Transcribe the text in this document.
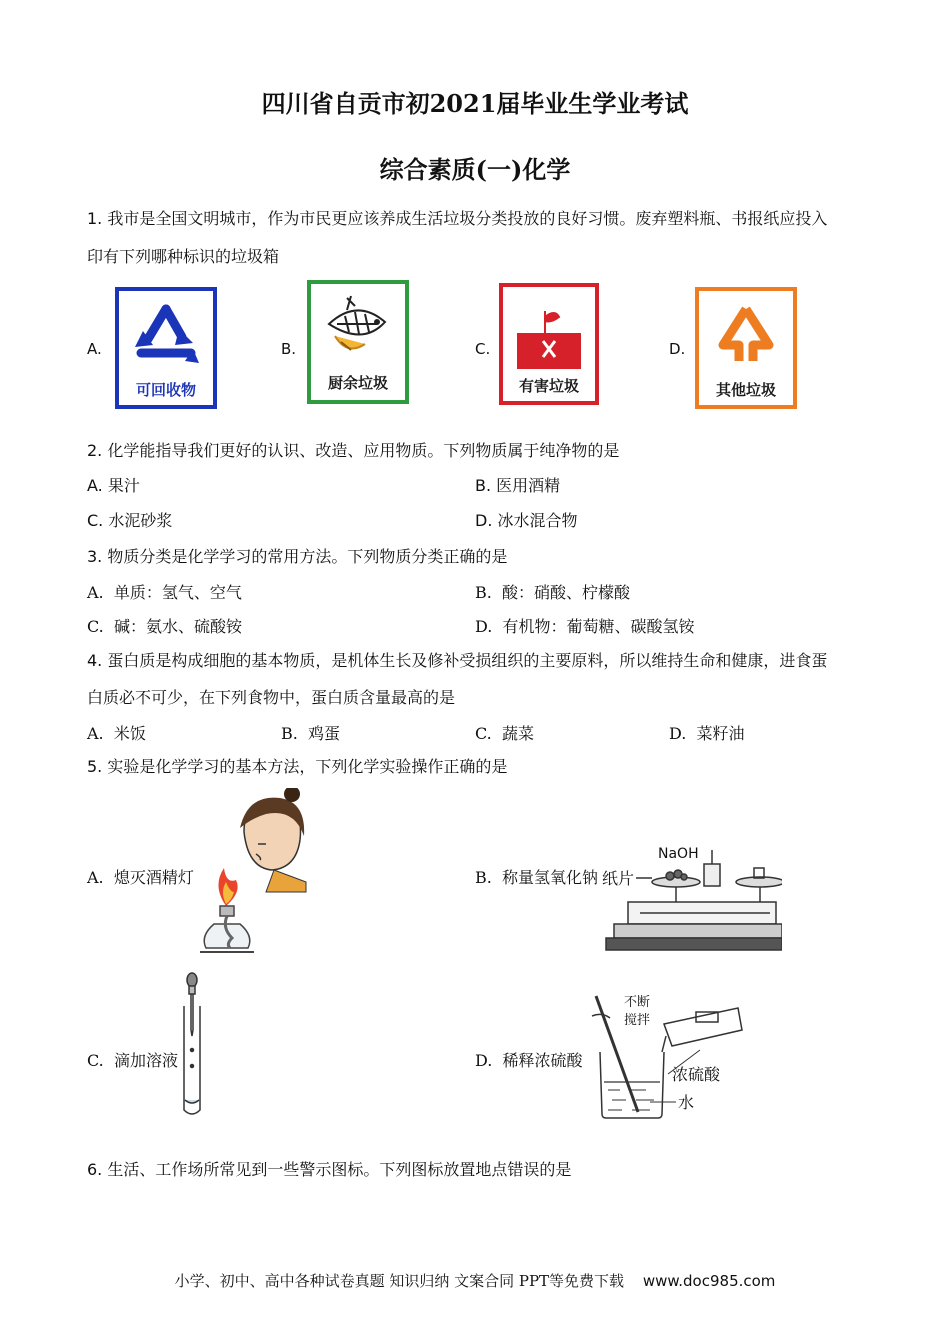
四川省自贡市初2021届毕业生学业考试
综合素质(一)化学
1. 我市是全国文明城市，作为市民更应该养成生活垃圾分类投放的良好习惯。废弃塑料瓶、书报纸应投入
印有下列哪种标识的垃圾箱
A.
可回收物
B.
厨余垃圾
C.
有害垃圾
D.
其他垃圾
2. 化学能指导我们更好的认识、改造、应用物质。下列物质属于纯净物的是
A. 果汁	B. 医用酒精
C. 水泥砂浆	D. 冰水混合物
3. 物质分类是化学学习的常用方法。下列物质分类正确的是
A. 单质：氢气、空气	B. 酸：硝酸、柠檬酸
C. 碱：氨水、硫酸铵	D. 有机物：葡萄糖、碳酸氢铵
4. 蛋白质是构成细胞的基本物质，是机体生长及修补受损组织的主要原料，所以维持生命和健康，进食蛋
白质必不可少，在下列食物中，蛋白质含量最高的是
A. 米饭	B. 鸡蛋	C. 蔬菜	D. 菜籽油
5. 实验是化学学习的基本方法，下列化学实验操作正确的是
A. 熄灭酒精灯	B. 称量氢氧化钠
NaOH
纸片
C. 滴加溶液	D. 稀释浓硫酸
不断
搅拌
浓硫酸
水
6. 生活、工作场所常见到一些警示图标。下列图标放置地点错误的是
小学、初中、高中各种试卷真题 知识归纳 文案合同 PPT等免费下载 www.doc985.com
